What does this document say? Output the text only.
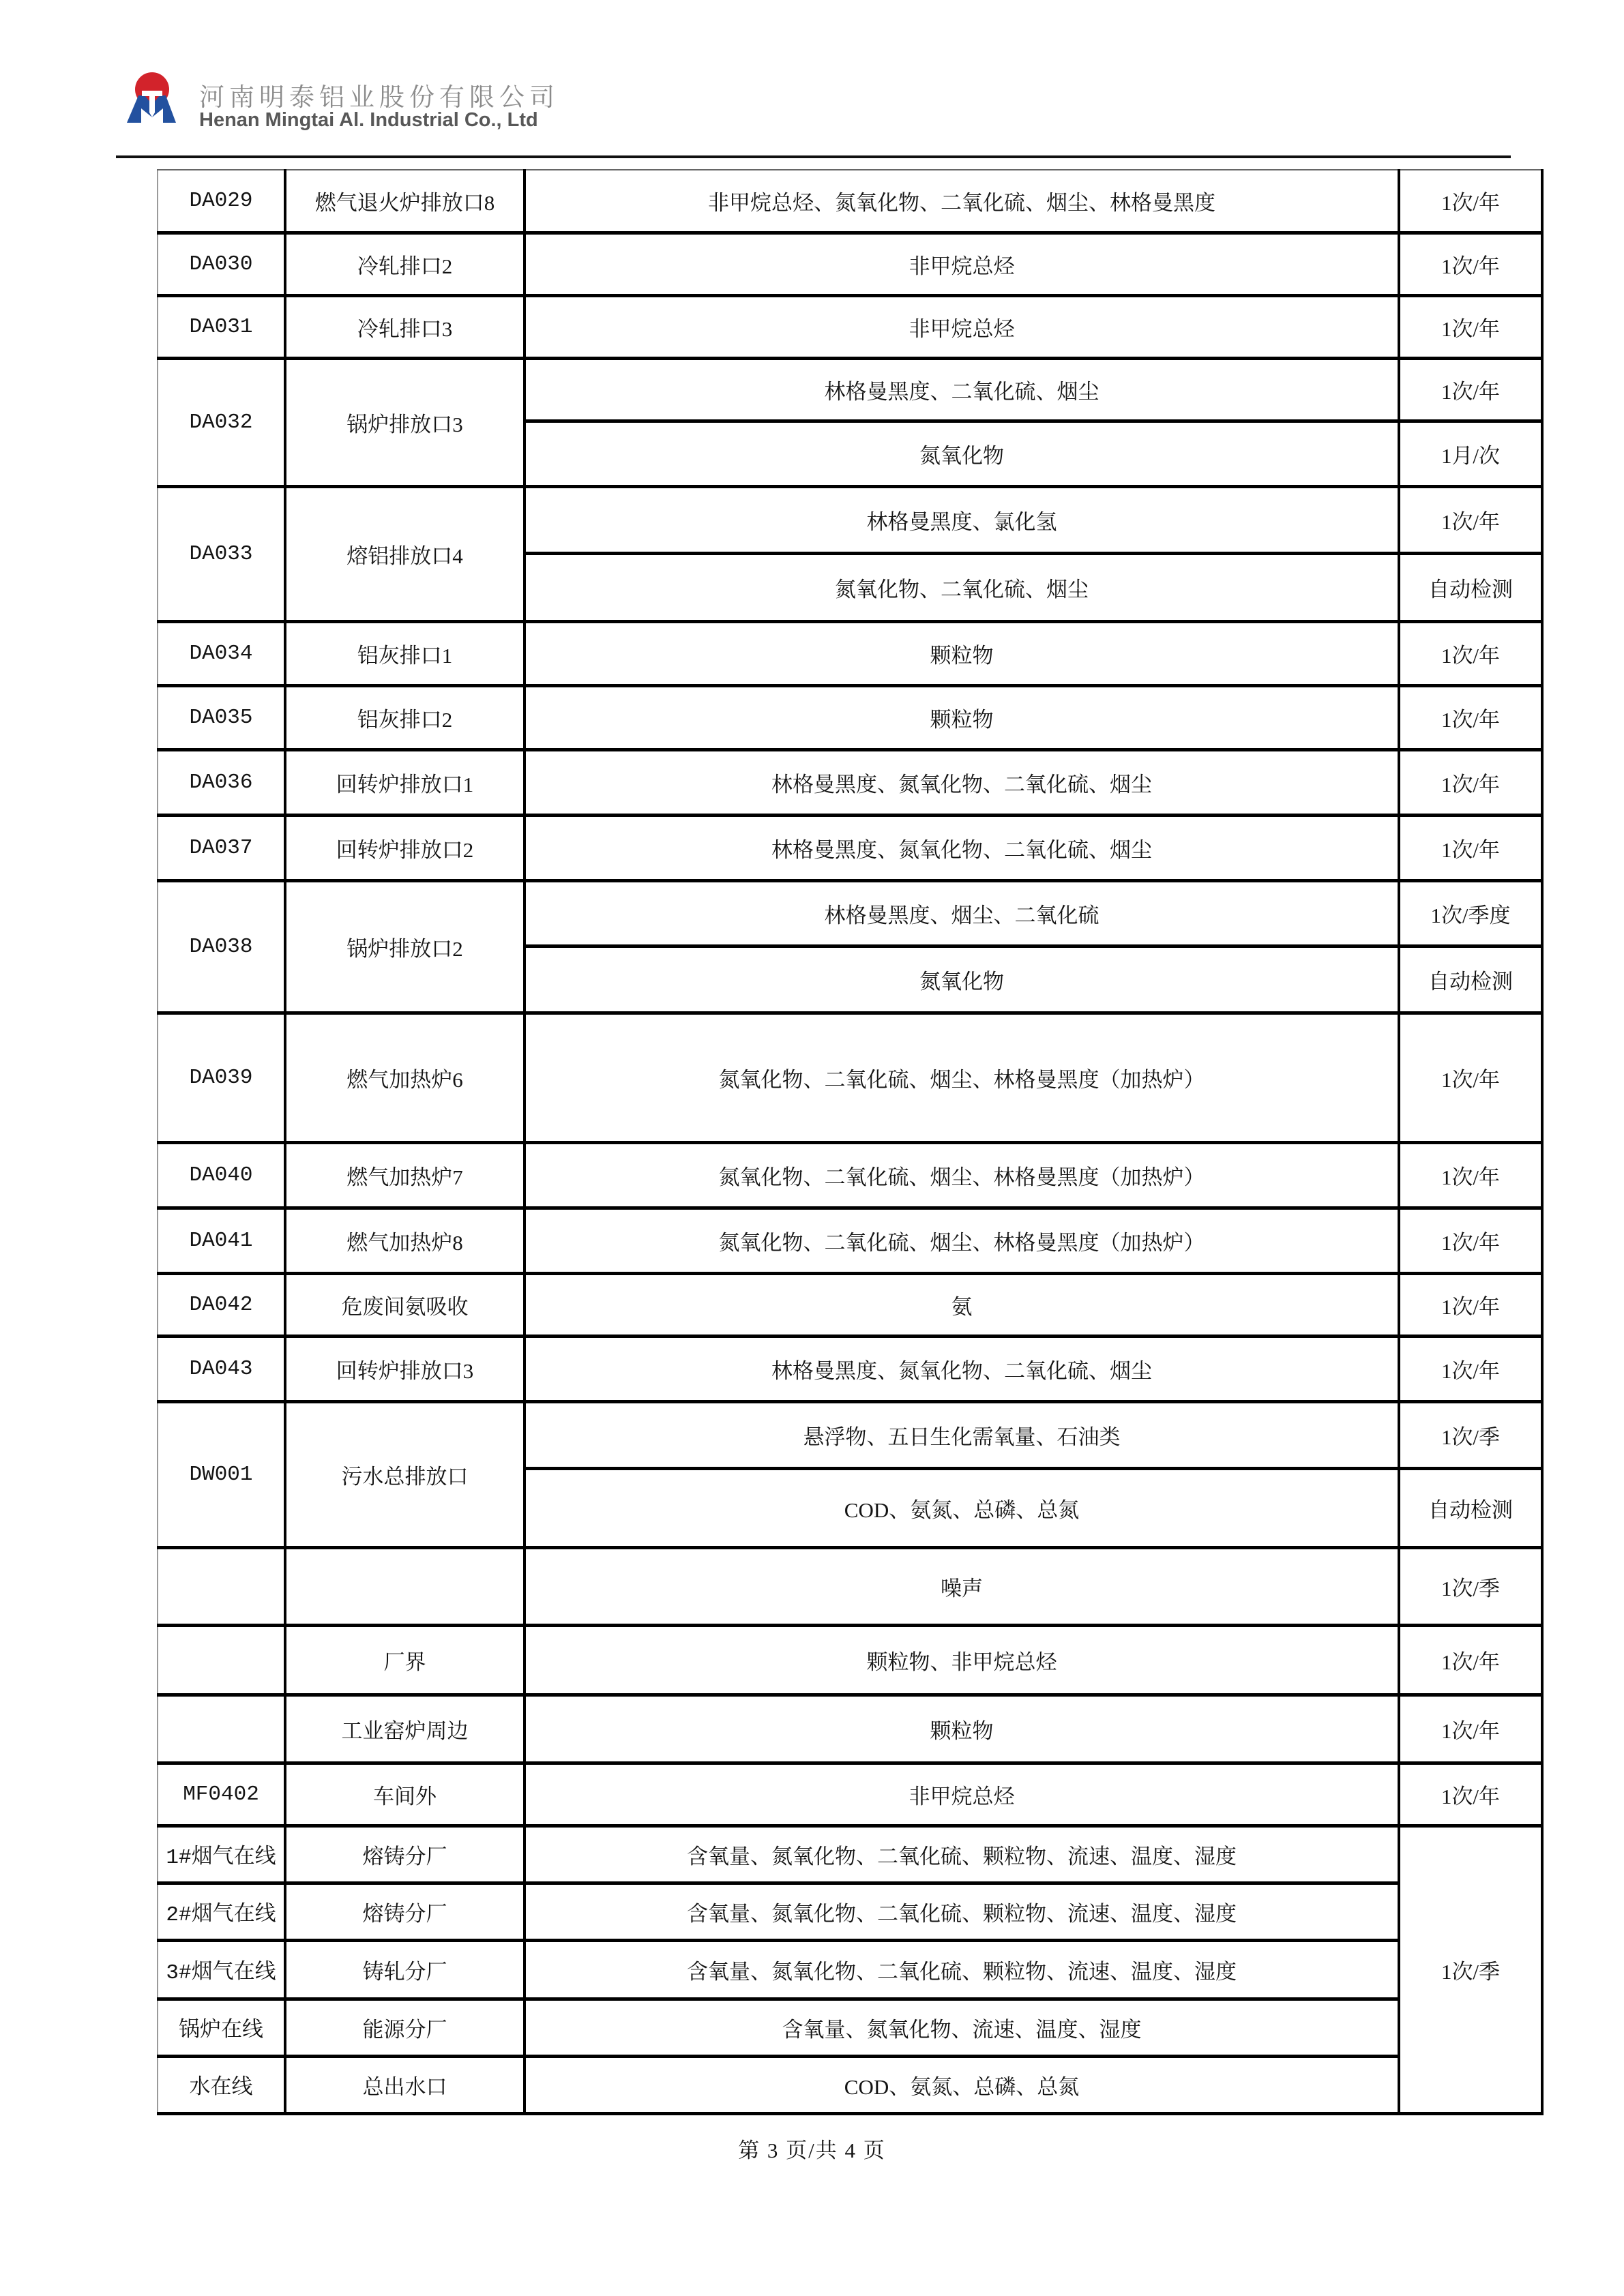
河南明泰铝业股份有限公司
Henan Mingtai Al. Industrial Co., Ltd
DA029	燃气退火炉排放口8	非甲烷总烃、氮氧化物、二氧化硫、烟尘、林格曼黑度	1次/年
DA030	冷轧排口2	非甲烷总烃	1次/年
DA031	冷轧排口3	非甲烷总烃	1次/年
DA032	锅炉排放口3	林格曼黑度、二氧化硫、烟尘	1次/年
		氮氧化物	1月/次
DA033	熔铝排放口4	林格曼黑度、氯化氢	1次/年
		氮氧化物、二氧化硫、烟尘	自动检测
DA034	铝灰排口1	颗粒物	1次/年
DA035	铝灰排口2	颗粒物	1次/年
DA036	回转炉排放口1	林格曼黑度、氮氧化物、二氧化硫、烟尘	1次/年
DA037	回转炉排放口2	林格曼黑度、氮氧化物、二氧化硫、烟尘	1次/年
DA038	锅炉排放口2	林格曼黑度、烟尘、二氧化硫	1次/季度
		氮氧化物	自动检测
DA039	燃气加热炉6	氮氧化物、二氧化硫、烟尘、林格曼黑度（加热炉）	1次/年
DA040	燃气加热炉7	氮氧化物、二氧化硫、烟尘、林格曼黑度（加热炉）	1次/年
DA041	燃气加热炉8	氮氧化物、二氧化硫、烟尘、林格曼黑度（加热炉）	1次/年
DA042	危废间氨吸收	氨	1次/年
DA043	回转炉排放口3	林格曼黑度、氮氧化物、二氧化硫、烟尘	1次/年
DW001	污水总排放口	悬浮物、五日生化需氧量、石油类	1次/季
		COD、氨氮、总磷、总氮	自动检测
		噪声	1次/季
	厂界	颗粒物、非甲烷总烃	1次/年
	工业窑炉周边	颗粒物	1次/年
MF0402	车间外	非甲烷总烃	1次/年
1#烟气在线	熔铸分厂	含氧量、氮氧化物、二氧化硫、颗粒物、流速、温度、湿度	1次/季
2#烟气在线	熔铸分厂	含氧量、氮氧化物、二氧化硫、颗粒物、流速、温度、湿度	
3#烟气在线	铸轧分厂	含氧量、氮氧化物、二氧化硫、颗粒物、流速、温度、湿度	
锅炉在线	能源分厂	含氧量、氮氧化物、流速、温度、湿度	
水在线	总出水口	COD、氨氮、总磷、总氮	
第 3 页/共 4 页
